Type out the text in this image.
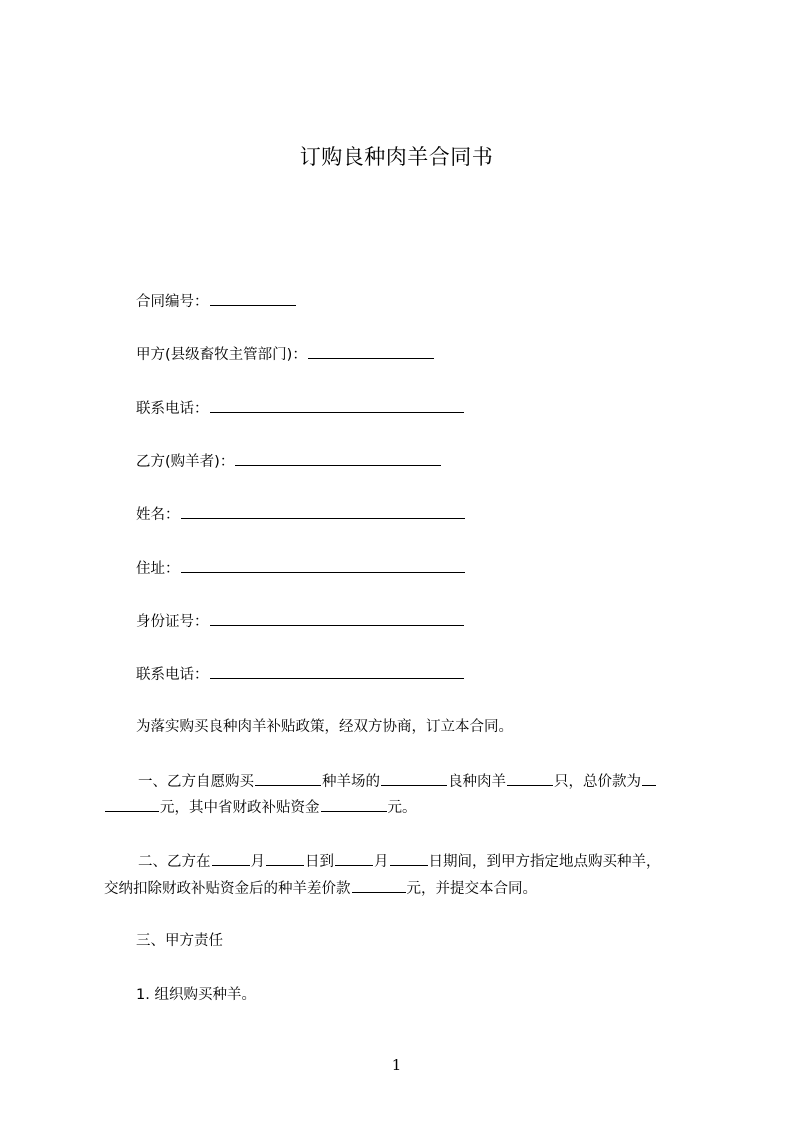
订购良种肉羊合同书
合同编号：
甲方(县级畜牧主管部门)：
联系电话：
乙方(购羊者)：
姓名：
住址：
身份证号：
联系电话：
为落实购买良种肉羊补贴政策，经双方协商，订立本合同。
一、乙方自愿购买	种羊场的	良种肉羊	只，总价款为
元，其中省财政补贴资金	元。
二、乙方在	月	日到	月	日期间，到甲方指定地点购买种羊，
交纳扣除财政补贴资金后的种羊差价款	元，并提交本合同。
三、甲方责任
1. 组织购买种羊。
1
